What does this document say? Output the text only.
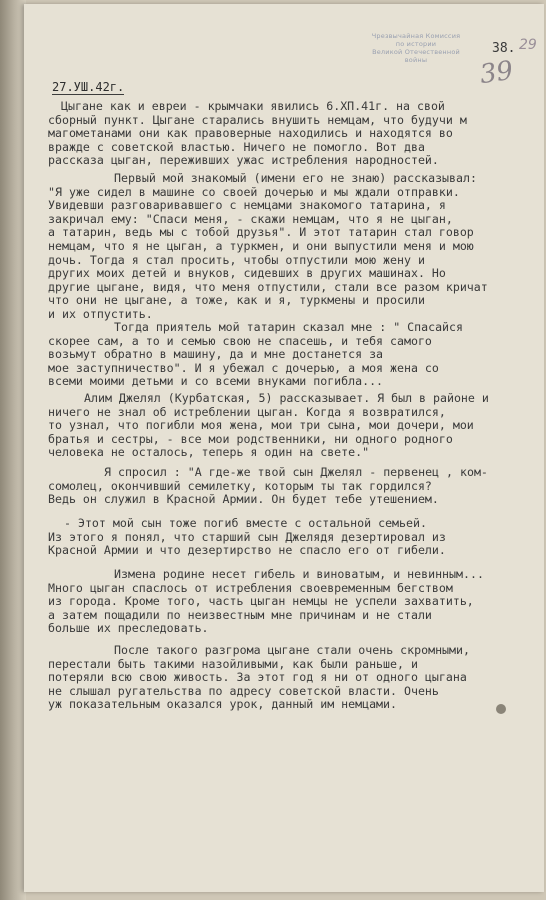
Чрезвычайная Комиссия
по истории
Великой Отечественной
войны
38. 29
39
27.УШ.42г.
Цыгане как и евреи - крымчаки явились 6.ХП.41г. на свой
сборный пункт. Цыгане старались внушить немцам, что будучи м
магометанами они как правоверные находились и находятся во
вражде с советской властью. Ничего не помогло. Вот два
рассказа цыган, переживших ужас истребления народностей.
Первый мой знакомый (имени его не знаю) рассказывал:
"Я уже сидел в машине со своей дочерью и мы ждали отправки.
Увидевши разговаривавшего с немцами знакомого татарина, я
закричал ему: "Спаси меня, - скажи немцам, что я не цыган,
а татарин, ведь мы с тобой друзья". И этот татарин стал говор
немцам, что я не цыган, а туркмен, и они выпустили меня и мою
дочь. Тогда я стал просить, чтобы отпустили мою жену и
других моих детей и внуков, сидевших в других машинах. Но
другие цыгане, видя, что меня отпустили, стали все разом кричат
что они не цыгане, а тоже, как и я, туркмены и просили
и их отпустить.
Тогда приятель мой татарин сказал мне : " Спасайся
скорее сам, а то и семью свою не спасешь, и тебя самого
возьмут обратно в машину, да и мне достанется за
мое заступничество". И я убежал с дочерью, а моя жена со
всеми моими детьми и со всеми внуками погибла...
Алим Джелял (Курбатская, 5) рассказывает. Я был в районе и
ничего не знал об истреблении цыган. Когда я возвратился,
то узнал, что погибли моя жена, мои три сына, мои дочери, мои
братья и сестры, - все мои родственники, ни одного родного
человека не осталось, теперь я один на свете."
Я спросил : "А где-же твой сын Джелял - первенец , ком-
сомолец, окончивший семилетку, которым ты так гордился?
Ведь он служил в Красной Армии. Он будет тебе утешением.
- Этот мой сын тоже погиб вместе с остальной семьей.
Из этого я понял, что старший сын Джелядя дезертировал из
Красной Армии и что дезертирство не спасло его от гибели.
Измена родине несет гибель и виноватым, и невинным...
Много цыган спаслось от истребления своевременным бегством
из города. Кроме того, часть цыган немцы не успели захватить,
а затем пощадили по неизвестным мне причинам и не стали
больше их преследовать.
После такого разгрома цыгане стали очень скромными,
перестали быть такими назойливыми, как были раньше, и
потеряли всю свою живость. За этот год я ни от одного цыгана
не слышал ругательства по адресу советской власти. Очень
уж показательным оказался урок, данный им немцами.
